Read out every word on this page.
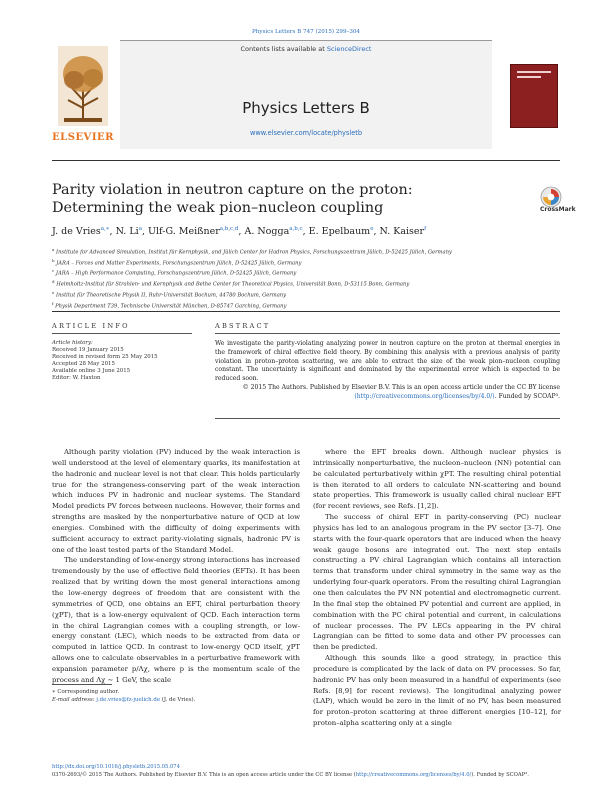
Physics Letters B 747 (2015) 299–304
ELSEVIER
Contents lists available at ScienceDirect
Physics Letters B
www.elsevier.com/locate/physletb
Parity violation in neutron capture on the proton: Determining the weak pion–nucleon coupling	CrossMark
J. de Vries$^{a,∗}$, N. Li$^a$, Ulf-G. Meißner$^{a,b,c,d}$, A. Nogga$^{a,b,c}$, E. Epelbaum$^e$, N. Kaiser$^f$
$^a$ Institute for Advanced Simulation, Institut für Kernphysik, and Jülich Center for Hadron Physics, Forschungszentrum Jülich, D-52425 Jülich, Germany
$^b$ JARA – Forces and Matter Experiments, Forschungszentrum Jülich, D-52425 Jülich, Germany
$^c$ JARA – High Performance Computing, Forschungszentrum Jülich, D-52425 Jülich, Germany
$^d$ Helmholtz-Institut für Strahlen- und Kernphysik and Bethe Center for Theoretical Physics, Universität Bonn, D-53115 Bonn, Germany
$^e$ Institut für Theoretische Physik II, Ruhr-Universität Bochum, 44780 Bochum, Germany
$^f$ Physik Department T39, Technische Universität München, D-85747 Garching, Germany
ARTICLE INFO
Article history:
Received 19 January 2015
Received in revised form 25 May 2015
Accepted 28 May 2015
Available online 3 June 2015
Editor: W. Haxton
ABSTRACT
We investigate the parity-violating analyzing power in neutron capture on the proton at thermal energies in the framework of chiral effective field theory. By combining this analysis with a previous analysis of parity violation in proton–proton scattering, we are able to extract the size of the weak pion–nucleon coupling constant. The uncertainty is significant and dominated by the experimental error which is expected to be reduced soon.
© 2015 The Authors. Published by Elsevier B.V. This is an open access article under the CC BY license (http://creativecommons.org/licenses/by/4.0/). Funded by SCOAP³.

Although parity violation (PV) induced by the weak interaction is well understood at the level of elementary quarks, its manifestation at the hadronic and nuclear level is not that clear. This holds particularly true for the strangeness-conserving part of the weak interaction which induces PV in hadronic and nuclear systems. The Standard Model predicts PV forces between nucleons. However, their forms and strengths are masked by the nonperturbative nature of QCD at low energies. Combined with the difficulty of doing experiments with sufficient accuracy to extract parity-violating signals, hadronic PV is one of the least tested parts of the Standard Model.

The understanding of low-energy strong interactions has increased tremendously by the use of effective field theories (EFTs). It has been realized that by writing down the most general interactions among the low-energy degrees of freedom that are consistent with the symmetries of QCD, one obtains an EFT, chiral perturbation theory (χPT), that is a low-energy equivalent of QCD. Each interaction term in the chiral Lagrangian comes with a coupling strength, or low-energy constant (LEC), which needs to be extracted from data or computed in lattice QCD. In contrast to low-energy QCD itself, χPT allows one to calculate observables in a perturbative framework with expansion parameter p/Λχ, where p is the momentum scale of the process and Λχ ∼ 1 GeV, the scale

where the EFT breaks down. Although nuclear physics is intrinsically nonperturbative, the nucleon–nucleon (NN) potential can be calculated perturbatively within χPT. The resulting chiral potential is then iterated to all orders to calculate NN-scattering and bound state properties. This framework is usually called chiral nuclear EFT (for recent reviews, see Refs. [1,2]).

The success of chiral EFT in parity-conserving (PC) nuclear physics has led to an analogous program in the PV sector [3–7]. One starts with the four-quark operators that are induced when the heavy weak gauge bosons are integrated out. The next step entails constructing a PV chiral Lagrangian which contains all interaction terms that transform under chiral symmetry in the same way as the underlying four-quark operators. From the resulting chiral Lagrangian one then calculates the PV NN potential and electromagnetic current. In the final step the obtained PV potential and current are applied, in combination with the PC chiral potential and current, in calculations of nuclear processes. The PV LECs appearing in the PV chiral Lagrangian can be fitted to some data and other PV processes can then be predicted.

Although this sounds like a good strategy, in practice this procedure is complicated by the lack of data on PV processes. So far, hadronic PV has only been measured in a handful of experiments (see Refs. [8,9] for recent reviews). The longitudinal analyzing power (LAP), which would be zero in the limit of no PV, has been measured for proton–proton scattering at three different energies [10–12], for proton–alpha scattering only at a single

∗ Corresponding author.
E-mail address: j.de.vries@fz-juelich.de (J. de Vries).
http://dx.doi.org/10.1016/j.physletb.2015.05.074
0370-2693/© 2015 The Authors. Published by Elsevier B.V. This is an open access article under the CC BY license (http://creativecommons.org/licenses/by/4.0/). Funded by SCOAP³.
